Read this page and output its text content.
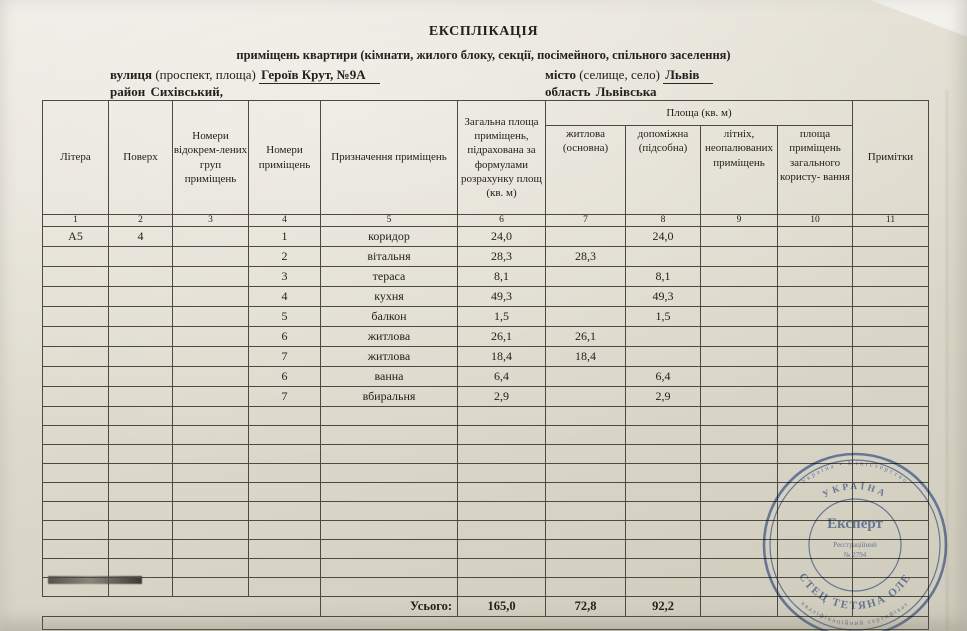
ЕКСПЛІКАЦІЯ
приміщень квартири (кімнати, жилого блоку, секції, посімейного, спільного заселення)
вулиця (проспект, площа) Героїв Крут, №9А	місто (селище, село) Львів
район Сихівський,	область Львівська
Літера	Поверх	Номери відокрем-лених груп приміщень	Номери приміщень	Призначення приміщень	Загальна площа приміщень, підрахована за формулами розрахунку площ (кв. м)	Площа (кв. м)				Примітки
						житлова (основна)	допоміжна (підсобна)	літніх, неопалюваних приміщень	площа приміщень загального користу- вання	
1	2	3	4	5	6	7	8	9	10	11
А5	4		1	коридор	24,0		24,0			
			2	вітальня	28,3	28,3				
			3	тераса	8,1		8,1			
			4	кухня	49,3		49,3			
			5	балкон	1,5		1,5			
			6	житлова	26,1	26,1				
			7	житлова	18,4	18,4				
			6	ванна	6,4		6,4			
			7	вбиральня	2,9		2,9			

				Усього:	165,0	72,8	92,2			

Україна • Міністерство
кваліфікаційний сертифікат
УКРАЇНА
СТЕЦ ТЕТЯНА ОЛЕ
Експерт
Реєстраційний
№ 2794
